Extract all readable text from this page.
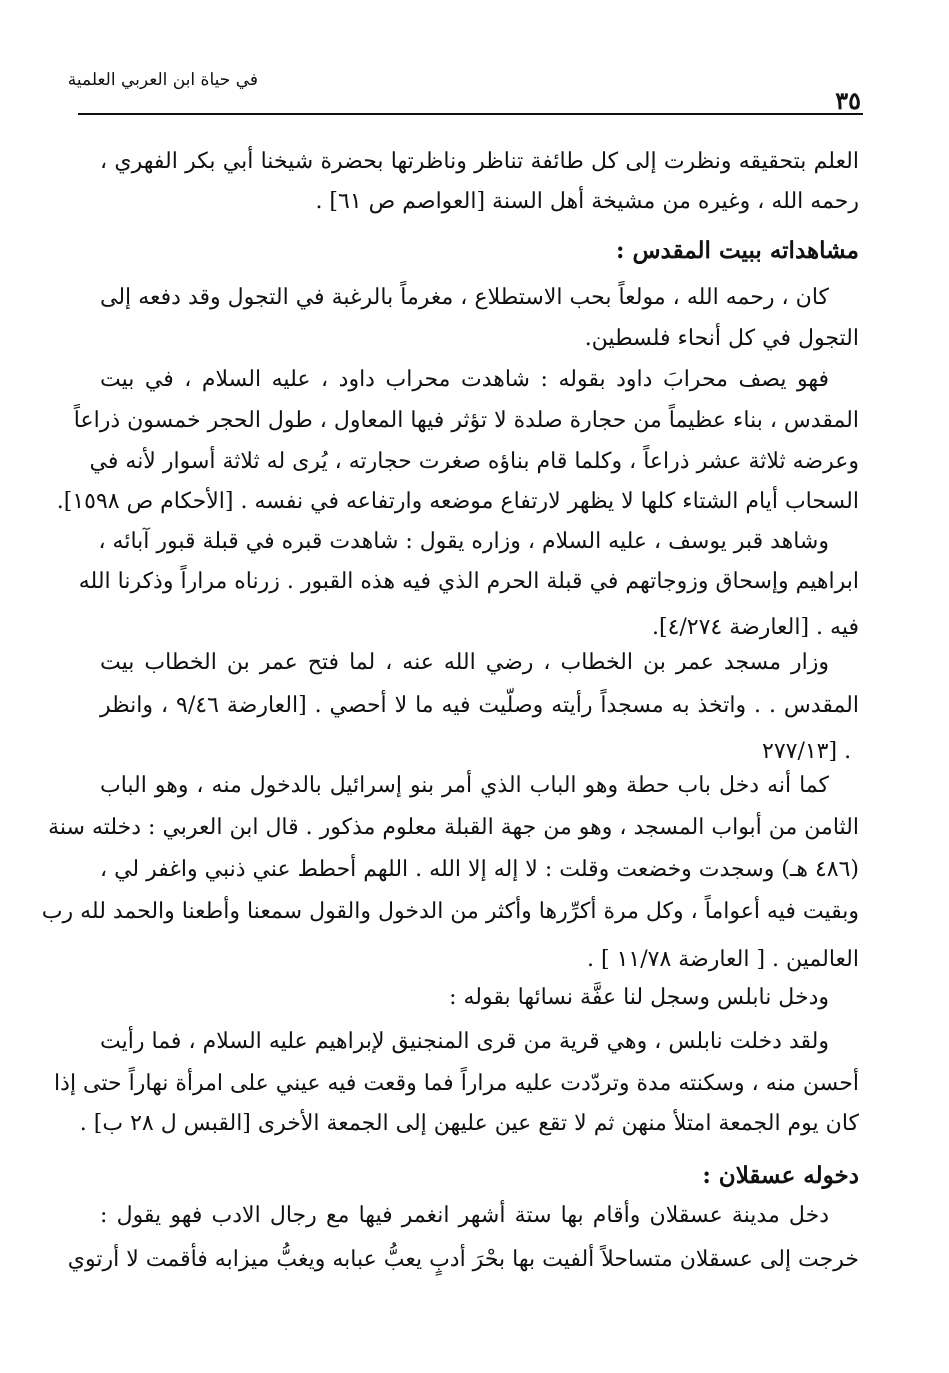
في حياة ابن العربي العلمية
٣٥
العلم بتحقيقه ونظرت إلى كل طائفة تناظر وناظرتها بحضرة شيخنا أبي بكر الفهري ،
رحمه الله ، وغيره من مشيخة أهل السنة [العواصم ص ٦١] .
مشاهداته ببيت المقدس :
كان ، رحمه الله ، مولعاً بحب الاستطلاع ، مغرماً بالرغبة في التجول وقد دفعه إلى
التجول في كل أنحاء فلسطين.
فهو يصف محرابَ داود بقوله : شاهدت محراب داود ، عليه السلام ، في بيت
المقدس ، بناء عظيماً من حجارة صلدة لا تؤثر فيها المعاول ، طول الحجر خمسون ذراعاً
وعرضه ثلاثة عشر ذراعاً ، وكلما قام بناؤه صغرت حجارته ، يُرى له ثلاثة أسوار لأنه في
السحاب أيام الشتاء كلها لا يظهر لارتفاع موضعه وارتفاعه في نفسه . [الأحكام ص ١٥٩٨].
وشاهد قبر يوسف ، عليه السلام ، وزاره يقول : شاهدت قبره في قبلة قبور آبائه ،
ابراهيم وإسحاق وزوجاتهم في قبلة الحرم الذي فيه هذه القبور . زرناه مراراً وذكرنا الله
فيه . [العارضة ٤/٢٧٤].
وزار مسجد عمر بن الخطاب ، رضي الله عنه ، لما فتح عمر بن الخطاب بيت
المقدس . . واتخذ به مسجداً رأيته وصلّيت فيه ما لا أحصي . [العارضة ٩/٤٦ ، وانظر
. [٢٧٧/١٣
كما أنه دخل باب حطة وهو الباب الذي أمر بنو إسرائيل بالدخول منه ، وهو الباب
الثامن من أبواب المسجد ، وهو من جهة القبلة معلوم مذكور . قال ابن العربي : دخلته سنة
(٤٨٦ هـ) وسجدت وخضعت وقلت : لا إله إلا الله . اللهم أحطط عني ذنبي واغفر لي ،
وبقيت فيه أعواماً ، وكل مرة أكرِّرها وأكثر من الدخول والقول سمعنا وأطعنا والحمد لله رب
العالمين . [ العارضة ١١/٧٨ ] .
ودخل نابلس وسجل لنا عفَّة نسائها بقوله :
ولقد دخلت نابلس ، وهي قرية من قرى المنجنيق لإبراهيم عليه السلام ، فما رأيت
أحسن منه ، وسكنته مدة وتردّدت عليه مراراً فما وقعت فيه عيني على امرأة نهاراً حتى إذا
كان يوم الجمعة امتلأ منهن ثم لا تقع عين عليهن إلى الجمعة الأخرى [القبس ل ٢٨ ب] .
دخوله عسقلان :
دخل مدينة عسقلان وأقام بها ستة أشهر انغمر فيها مع رجال الادب فهو يقول :
خرجت إلى عسقلان متساحلاً ألفيت بها بحْرَ أدبٍ يعبُّ عبابه ويغبُّ ميزابه فأقمت لا أرتوي
